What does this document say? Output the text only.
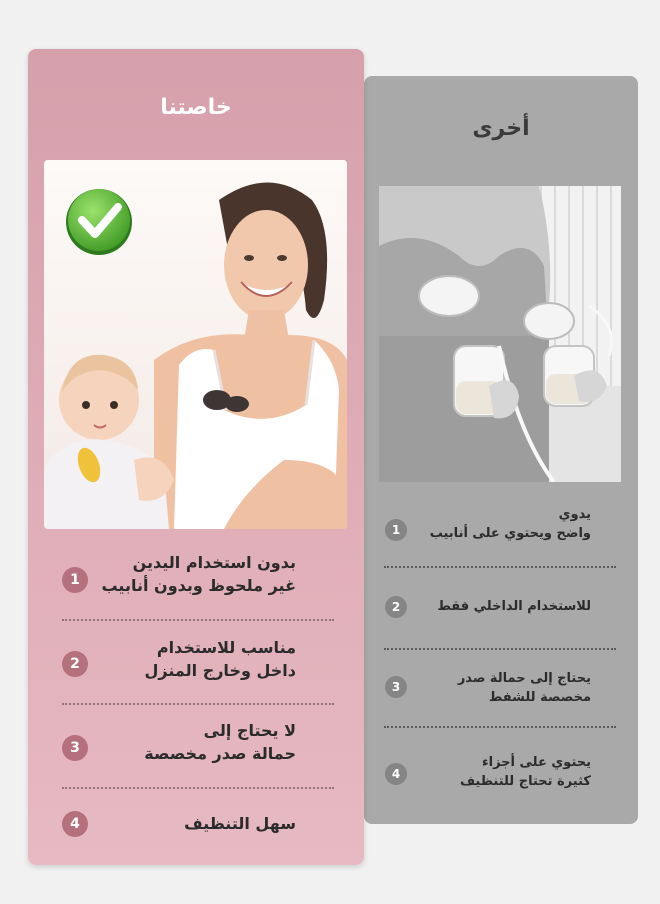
خاصتنا
1
بدون استخدام اليدين
غير ملحوظ وبدون أنابيب
2
مناسب للاستخدام
داخل وخارج المنزل
3
لا يحتاج إلى
حمالة صدر مخصصة
4	سهل التنظيف
أخرى
1
يدوي
واضح ويحتوي على أنابيب
2	للاستخدام الداخلي فقط
3
يحتاج إلى حمالة صدر
مخصصة للشفط
4
يحتوي على أجزاء
كثيرة تحتاج للتنظيف
